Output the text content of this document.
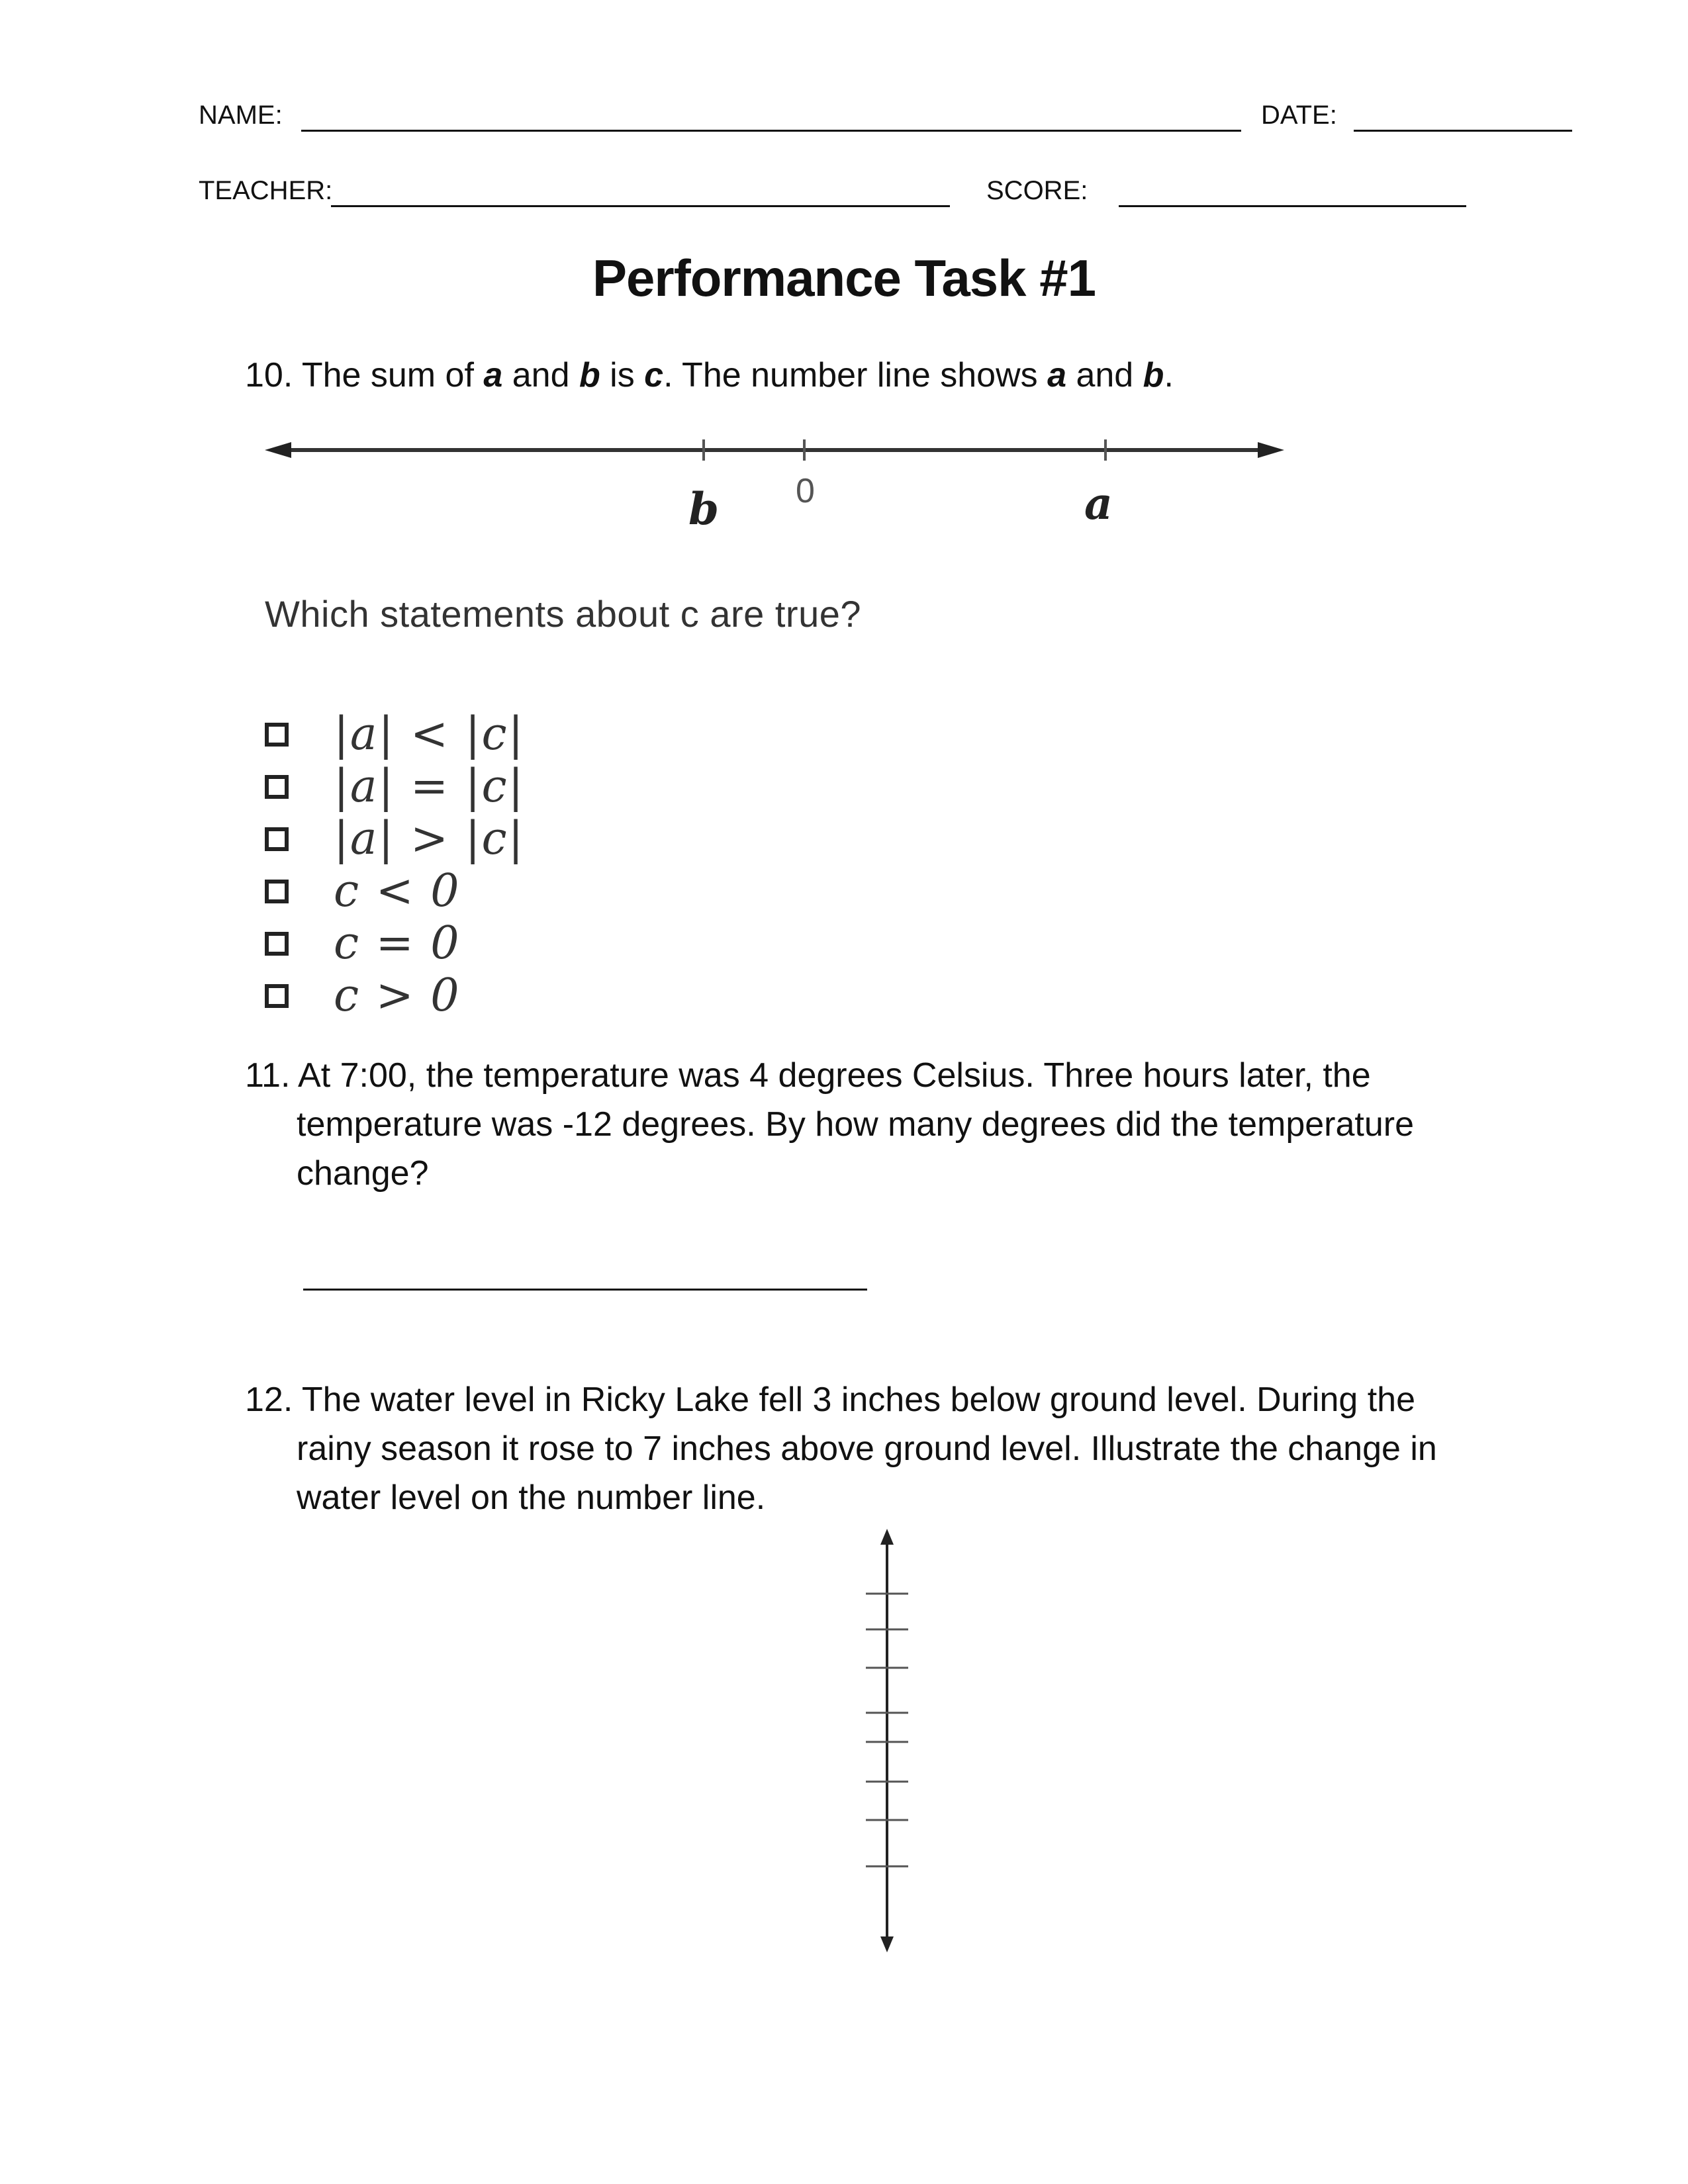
NAME:	DATE:
TEACHER:	SCORE:
Performance Task #1
10. The sum of a and b is c. The number line shows a and b.
b 0	a
Which statements about c are true?
|a| < |c|
|a| = |c|
|a| > |c|
c < 0
c = 0
c > 0
11. At 7:00, the temperature was 4 degrees Celsius. Three hours later, the
temperature was -12 degrees. By how many degrees did the temperature
change?
12. The water level in Ricky Lake fell 3 inches below ground level. During the
rainy season it rose to 7 inches above ground level. Illustrate the change in
water level on the number line.
